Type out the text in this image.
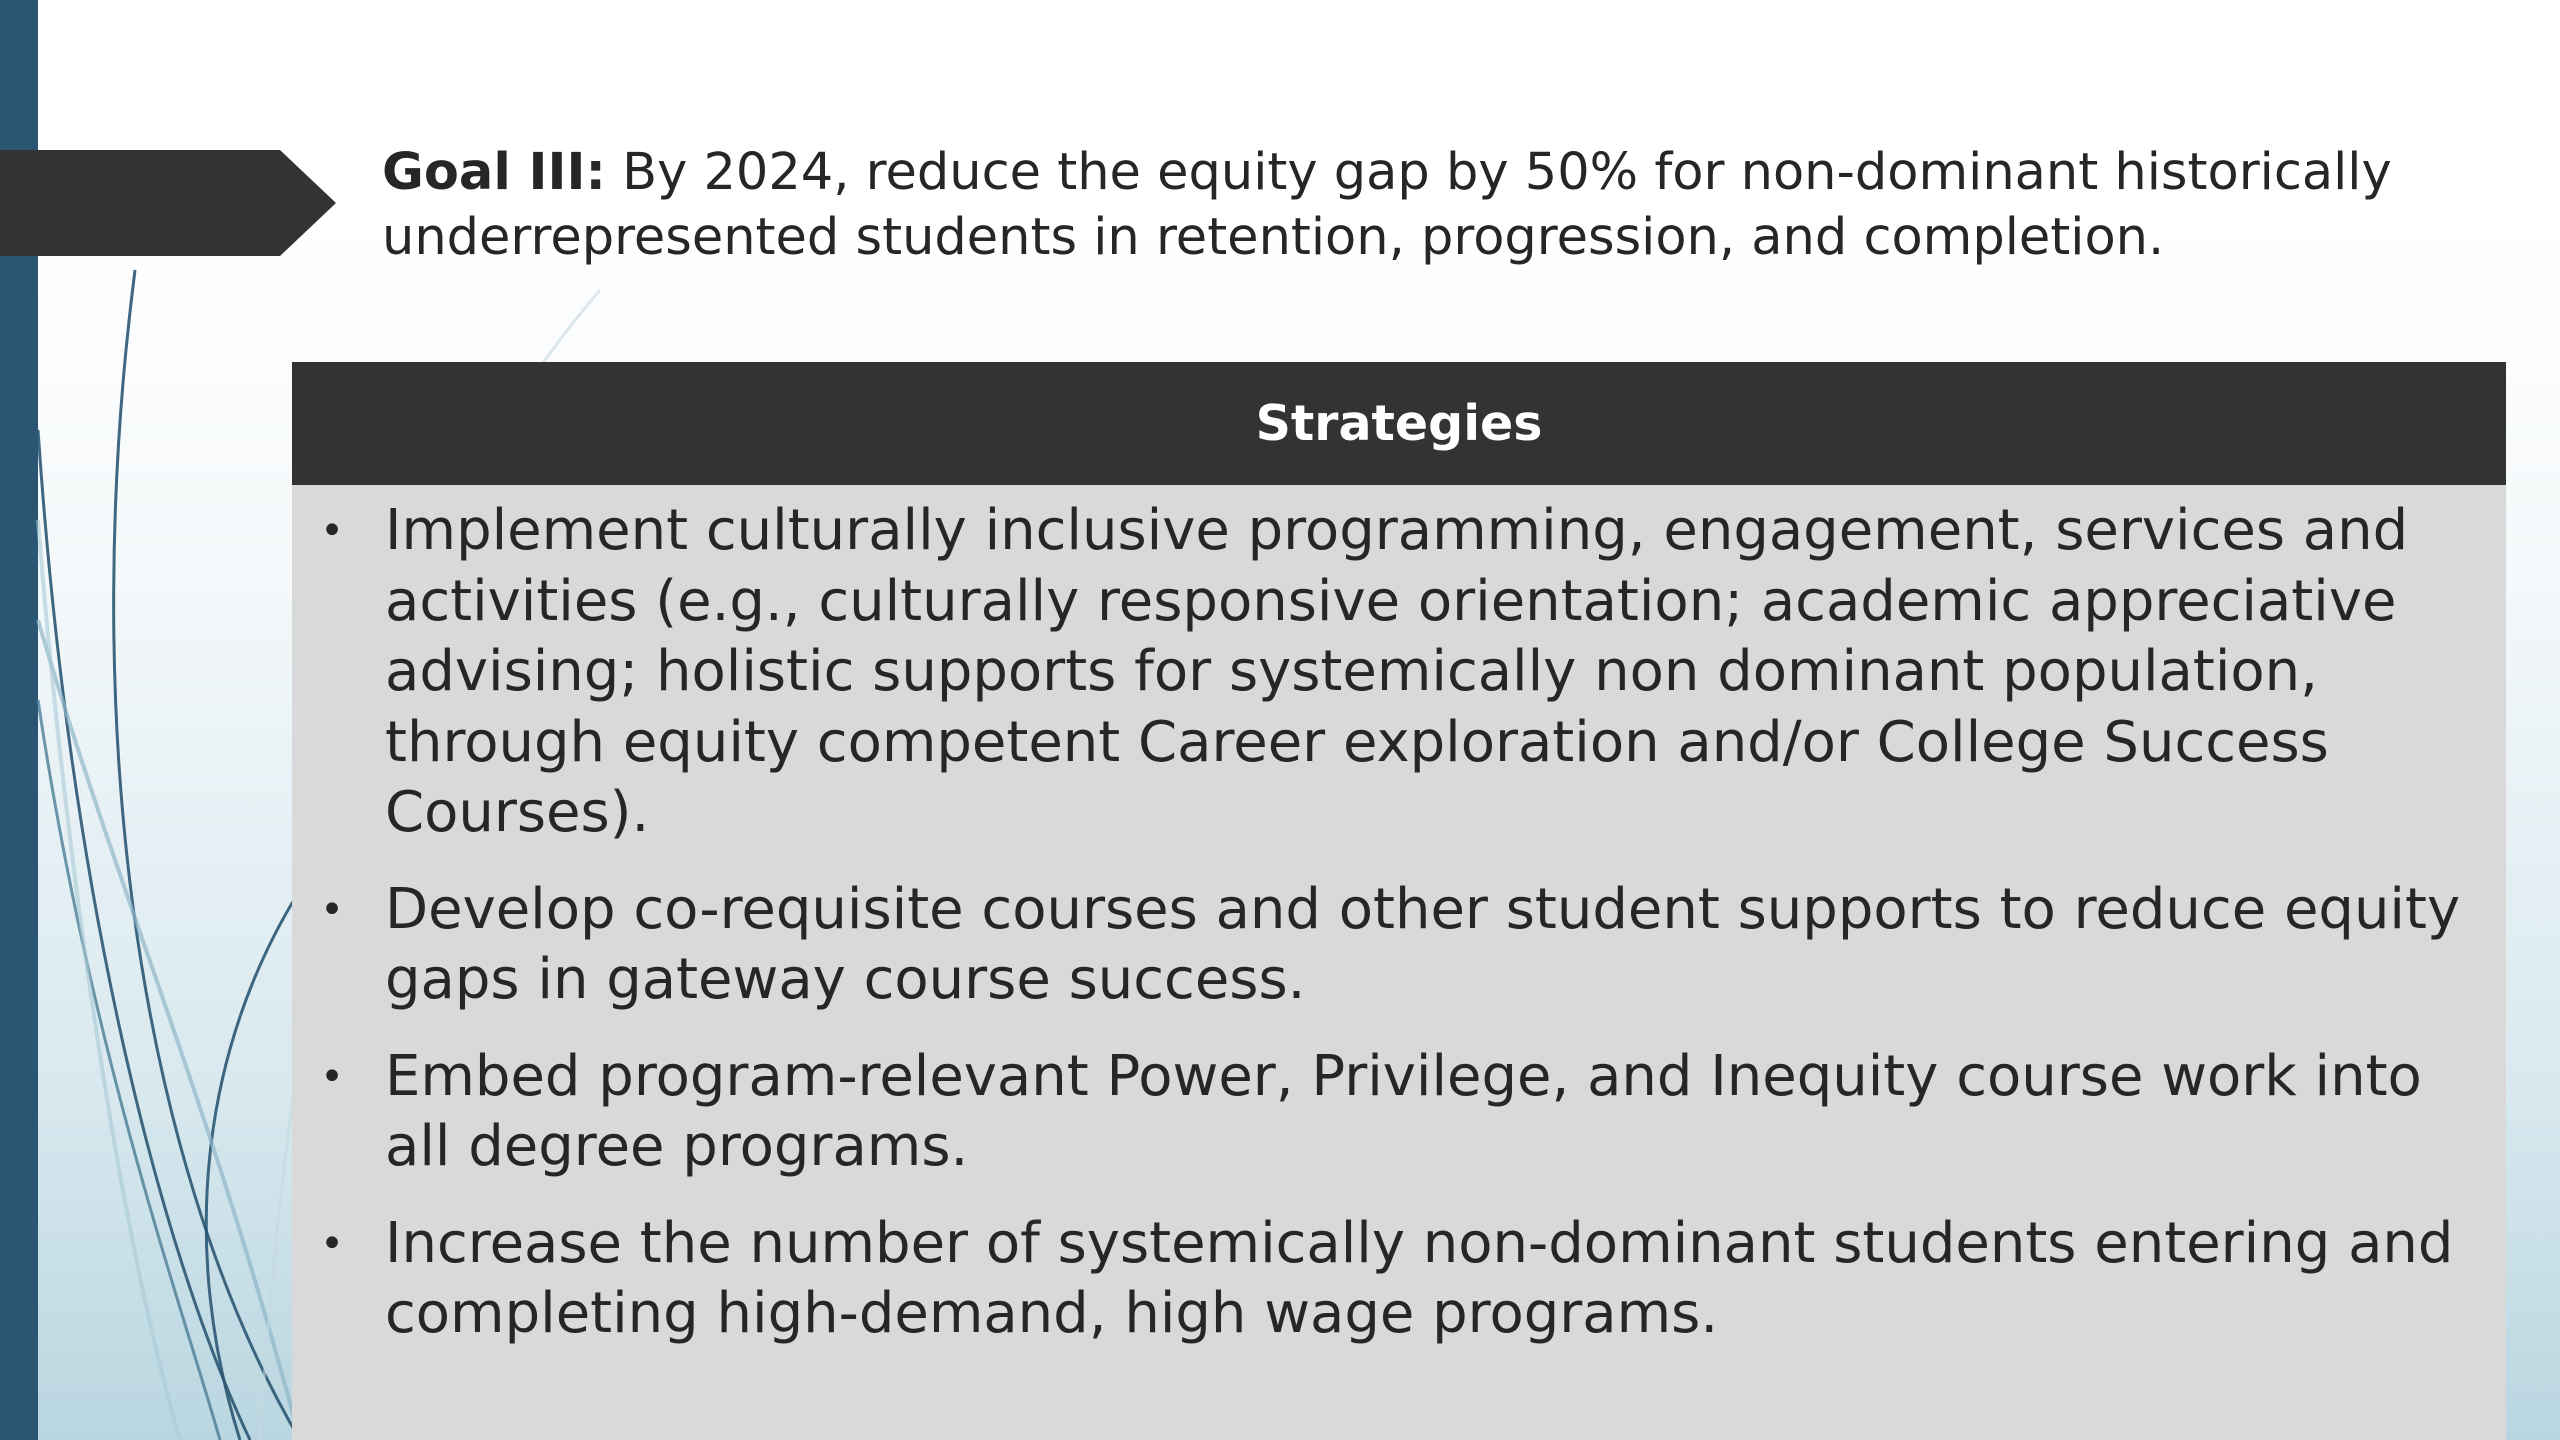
Goal III: By 2024, reduce the equity gap by 50% for non-dominant historically underrepresented students in retention, progression, and completion.
Strategies
• Implement culturally inclusive programming, engagement, services and activities (e.g., culturally responsive orientation; academic appreciative advising; holistic supports for systemically non dominant population, through equity competent Career exploration and/or College Success Courses).
• Develop co-requisite courses and other student supports to reduce equity gaps in gateway course success.
• Embed program-relevant Power, Privilege, and Inequity course work into all degree programs.
• Increase the number of systemically non-dominant students entering and completing high-demand, high wage programs.
